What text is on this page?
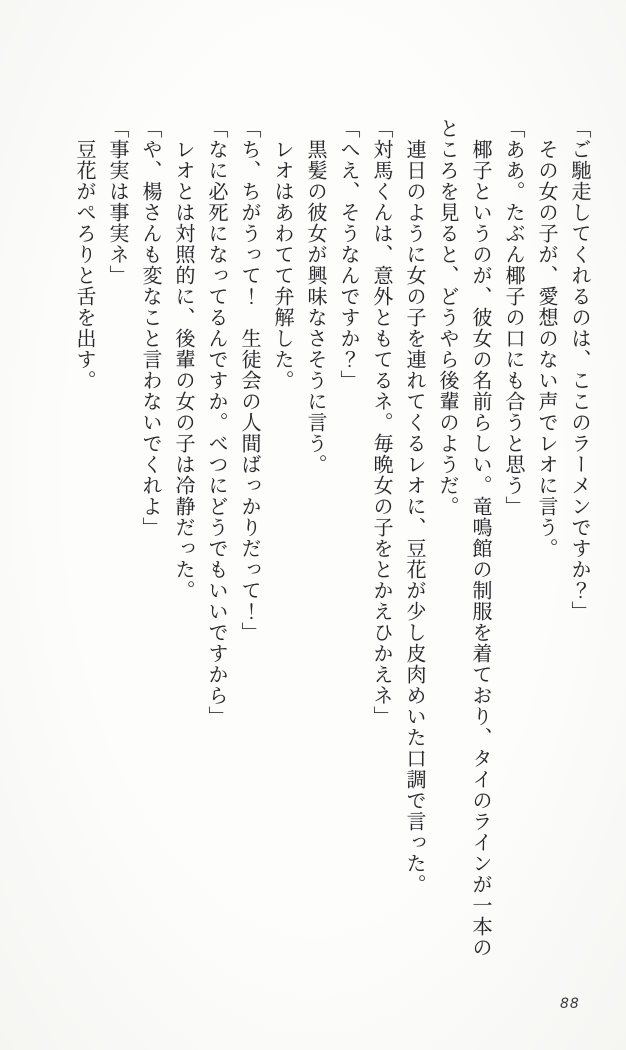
「ご馳走してくれるのは、ここのラーメンですか？」
その女の子が、愛想のない声でレオに言う。
「ああ。たぶん椰子の口にも合うと思う」
椰子というのが、彼女の名前らしい。竜鳴館の制服を着ており、タイのラインが一本の
ところを見ると、どうやら後輩のようだ。
連日のように女の子を連れてくるレオに、豆花が少し皮肉めいた口調で言った。
「対馬くんは、意外ともてるネ。毎晩女の子をとかえひかえネ」
「へえ、そうなんですか？」
黒髪の彼女が興味なさそうに言う。
レオはあわてて弁解した。
「ち、ちがうって！　生徒会の人間ばっかりだって！」
「なに必死になってるんですか。べつにどうでもいいですから」
レオとは対照的に、後輩の女の子は冷静だった。
「や、楊さんも変なこと言わないでくれよ」
「事実は事実ネ」
豆花がぺろりと舌を出す。
88
